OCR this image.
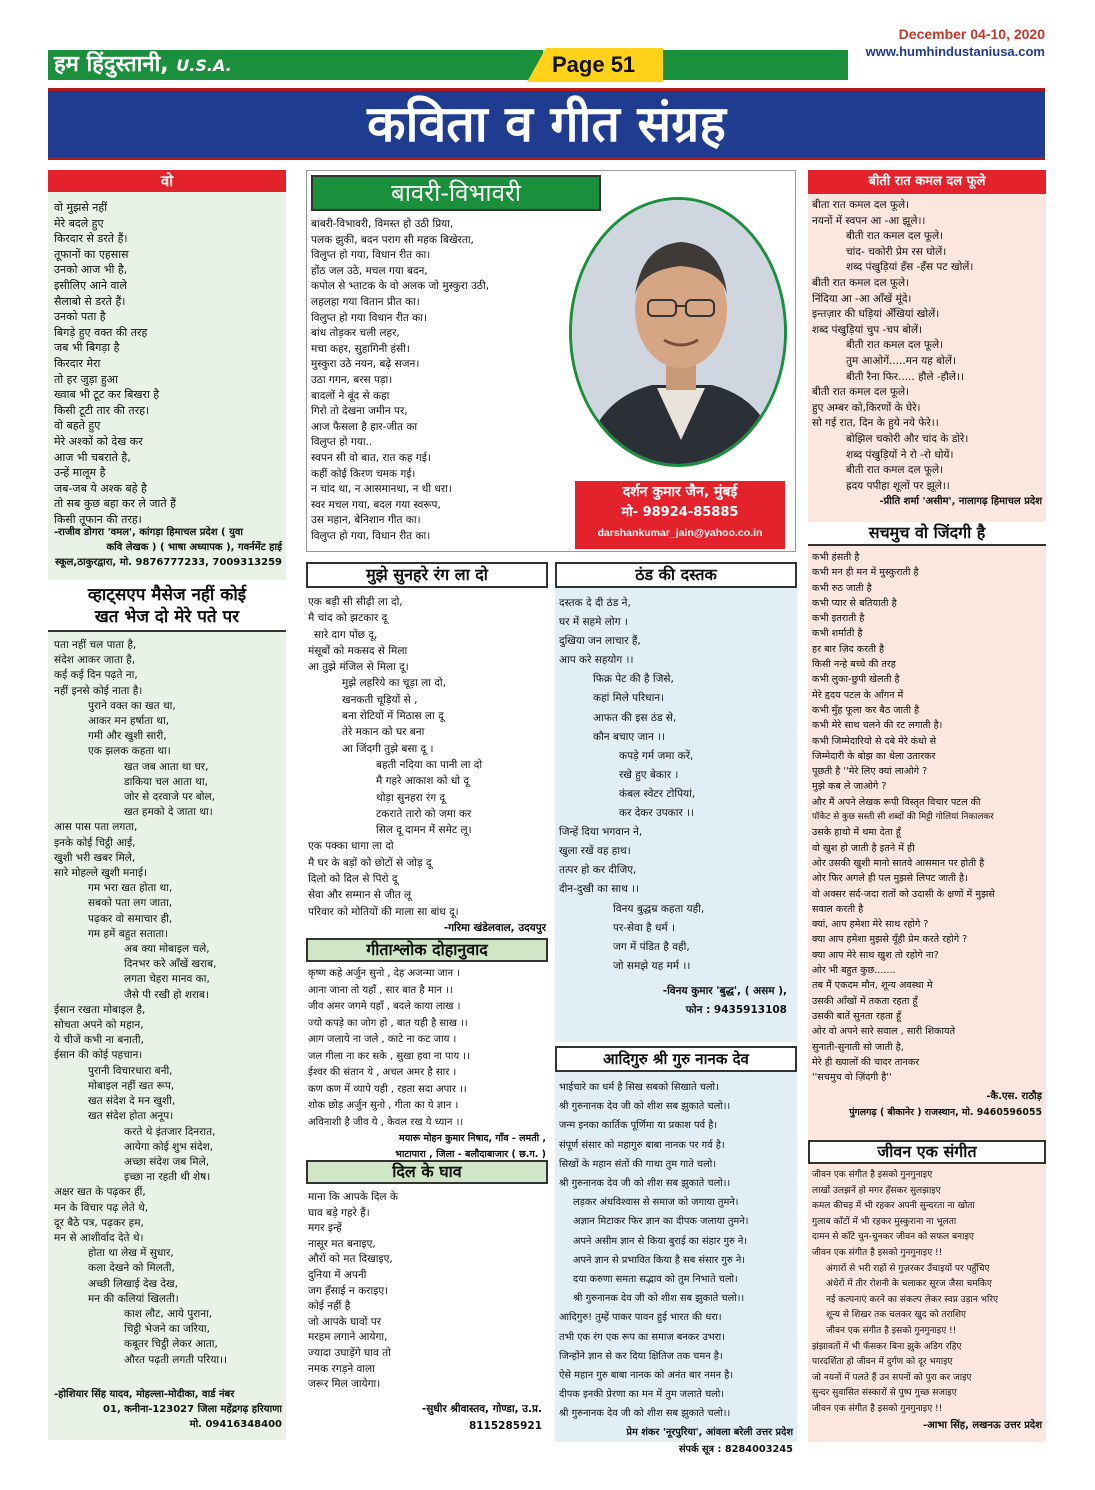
हम हिंदुस्तानी, U.S.A.	Page 51
December 04-10, 2020
www.humhindustaniusa.com
कविता व गीत संग्रह
वो
वो मुझसे नहीं
मेरे बदले हुए
किरदार से डरते हैं।
तूफानों का एहसास
उनको आज भी है,
इसीलिए आने वाले
सैलाबो से डरते हैं।
उनको पता है
बिगड़े हुए वक्त की तरह
जब भी बिगड़ा है
किरदार मेरा
तो हर जुड़ा हुआ
ख्वाब भी टूट कर बिखरा है
किसी टूटी तार की तरह।
वो बहते हुए
मेरे अश्कों को देख कर
आज भी चबराते है,
उन्हें मालूम है
जब-जब ये अश्क बहे है
तो सब कुछ बहा कर ले जाते हैं
किसी तूफान की तरह।
-राजीव डोगरा 'वमल', कांगड़ा हिमाचल प्रदेश ( युवा
कवि लेखक ) ( भाषा अध्यापक ), गवर्नमेंट हाई
स्कूल,ठाकुरद्वारा, मो. 9876777233, 7009313259
व्हाट्सएप मैसेज नहीं कोई
खत भेज दो मेरे पते पर
पता नहीं चल पाता है,
संदेश आकर जाता है,
कई कई दिन पढ़ते ना,
नहीं इनसे कोई नाता है।
पुराने वक्त का खत था,
आकर मन हर्षाता था,
गमी और खुशी सारी,
एक झलक कहता था।
खत जब आता था घर,
डाकिया चल आता था,
जोर से दरवाजे पर बोल,
खत हमको दे जाता था।
आस पास पता लगता,
इनके कोई चिट्ठी आई,
खुशी भरी खबर मिले,
सारे मोहल्ले खुशी मनाई।
गम भरा खत होता था,
सबको पता लग जाता,
पढ़कर वो समाचार ही,
गम हमें बहुत सताता।
अब क्या मोबाइल चले,
दिनभर करे आँखें खराब,
लगता चेहरा मानव का,
जैसे पी रखी हो शराब।
ईसान रखता मोबाइल है,
सोचता अपने को महान,
ये चीजें कभी ना बनाती,
ईसान की कोई पहचान।
पुरानी विचारधारा बनी,
मोबाइल नहीं खत रूप,
खत संदेश दे मन खुशी,
खत संदेश होता अनूप।
करते थे इंतजार दिनरात,
आयेगा कोई शुभ संदेश,
अच्छा संदेश जब मिले,
इच्छा ना रहती थी शेष।
अक्षर खत के पढ़कर हीं,
मन के विचार पढ़ लेते थे,
दूर बैठे पत्र, पढ़कर हम,
मन से आशीर्वाद देते थे।
होता था लेख में सुधार,
कला देखने को मिलती,
अच्छी लिखाई देख देख,
मन की कलियां खिलती।
काश लौट, आये पुराना,
चिट्ठी भेजने का जरिया,
कबूतर चिट्ठी लेकर आता,
औरत पढ़ती लगती परिया।।
-होशियार सिंह यादव, मोहल्ला-मोदीका, वार्ड नंबर
01, कनीना-123027 जिला महेंद्रगढ़ हरियाणा
मो. 09416348400
बावरी-विभावरी
बाबरी-विभावरी, विमस्त हो उठी प्रिया,
पलक झुकी, बदन पराग सी महक बिखेरता,
विलुप्त हो गया, विधान रीत का।
होंठ जल उठे, मचल गया बदन,
कपोल से भ्ताटक के वो अलक जो मुस्कुरा उठी,
लहलहा गया वितान प्रीत का।
विलुप्त हो गया विधान रीत का।
बांध तोड़कर चली लहर,
मचा कहर, सुहागिनी हंसी।
मुस्कुरा उठे नयन, बढ़े सजन।
उठा गगन, बरस पड़ा।
बादलों ने बूंद से कहा
गिरो तो देखना जमीन पर,
आज फैसला है हार-जीत का
विलुप्त हो गया..
स्वपन सी वो बात, रात कह गई।
कहीं कोई किरण चमक गई।
न चांद था, न आसमानथा, न थी धरा।
स्वर मचल गया, बदल गया स्वरूप,
उस महान, बेनिशान गीत का।
विलुप्त हो गया, विधान रीत का।
दर्शन कुमार जैन, मुंबई
मो- 98924-85885
darshankumar_jain@yahoo.co.in
मुझे सुनहरे रंग ला दो
एक बड़ी सी सीढ़ी ला दो,
मै चांद को झटकार दू
सारे दाग पोंछ दू,
मंसूबों को मकसद से मिला
आ तुझे मंजिल से मिला दू।
मुझे लहरिये का चूड़ा ला दो,
खनकती चूड़ियों से ,
बना रोटियों में मिठास ला दू
तेरे मकान को घर बना
आ जिंदगी तुझे बसा दू ।
बहती नदिया का पानी ला दो
मै गहरे आकाश को धो दू
थोड़ा सुनहरा रंग दू
टकराते तारो को जमा कर
सिल दू दामन में समेट लू।
एक पक्का धागा ला दो
मै घर के बड़ों को छोटों से जोड़ दू
दिलो को दिल से पिरो दू
सेवा और सम्मान से जीत लू
परिवार को मोतियों की माला सा बांध दू।
-गरिमा खंडेलवाल, उदयपुर
गीताश्लोक दोहानुवाद
कृष्ण कहे अर्जुन सुनो , देह अजन्मा जान ।
आना जाना तो यहाँ , सार बात है मान ।।
जीव अमर जगमे यहाँ , बदले काया लाख ।
ज्यो कपड़े का जोग हो , बात यही है साख ।।
आग जलाये ना जले , काटे ना कट जाय ।
जल गीला ना कर सके , सुखा हवा ना पाय ।।
ईश्वर की संतान ये , अचल अमर है सार ।
कण कण में व्यापे यही , रहता सदा अपार ।।
शोक छोड़ अर्जुन सुनो , गीता का ये ज्ञान ।
अविनाशी है जीव ये , केवल रख ये ध्यान ।।
मयारू मोहन कुमार निषाद, गाँव - लमती ,
भाटापारा , जिला - बलौदाबाजार ( छ.ग. )
दिल के घाव
माना कि आपके दिल के
घाव बड़े गहरे हैं।
मगर इन्हें
नासूर मत बनाइए,
औरों को मत दिखाइए,
दुनिया में अपनी
जग हँसाई न कराइए।
कोई नहीं है
जो आपके घावों पर
मरहम लगाने आयेगा,
ज्यादा उघाड़ेंगे घाव तो
नमक रगड़ने वाला
जरूर मिल जायेगा।
-सुधीर श्रीवास्तव, गोण्डा, उ.प्र.
8115285921
ठंड की दस्तक
दस्तक दे दी ठंड ने,
घर में सहमे लोग ।
दुखिया जन लाचार हैं,
आप करे सहयोग ।।
फिक्र पेट की है जिसे,
कहां मिले परिधान।
आफत की इस ठंड से,
कौन बचाए जान ।।
कपड़े गर्म जमा करें,
रखे हुए बेकार ।
कंबल स्वेटर टोपियां,
कर देकर उपकार ।।
जिन्हें दिया भगवान ने,
खुला रखें वह हाथ।
तत्पर हो कर दीजिए,
दीन-दुखी का साथ ।।
विनय बुद्धम्र कहता यही,
पर-सेवा है धर्म ।
जग में पंडित है वही,
जो समझे यह मर्म ।।
-विनय कुमार 'बुद्ध', ( असम ),
फोन : 9435913108
आदिगुरु श्री गुरु नानक देव
भाईचारे का धर्म है सिख सबको सिखाते चलो।
श्री गुरुनानक देव जी को शीश सब झुकाते चलो।।
जन्म इनका कार्तिक पूर्णिमा या प्रकाश पर्व है।
संपूर्ण संसार को महागुरु बाबा नानक पर गर्व है।
सिखों के महान संतों की गाथा तुम गाते चलो।
श्री गुरुनानक देव जी को शीश सब झुकाते चलो।।
लड़कर अंधविश्वास से समाज को जगाया तुमने।
अज्ञान मिटाकर फिर ज्ञान का दीपक जलाया तुमने।
अपने असीम ज्ञान से किया बुराई का संहार गुरु ने।
अपने ज्ञान से प्रभावित किया है सब संसार गुरु ने।
दया करुणा समता सद्भाव को तुम निभाते चलो।
श्री गुरुनानक देव जी को शीश सब झुकाते चलो।।
आदिगुरु! तुम्हें पाकर पावन हुई भारत की धरा।
तभी एक रंग एक रूप का समाज बनकर उभरा।
जिन्होंने ज्ञान से कर दिया क्षितिज तक चमन है।
ऐसे महान गुरु बाबा नानक को अनंत बार नमन है।
दीपक इनकी प्रेरणा का मन में तुम जलाते चलो।
श्री गुरुनानक देव जी को शीश सब झुकाते चलो।।
प्रेम शंकर 'नूरपुरिया', आंवला बरेली उत्तर प्रदेश
संपर्क सूत्र : 8284003245
बीती रात कमल दल फूले
बीता रात कमल दल फूले।
नयनों में स्वपन आ -आ झूले।।
बीती रात कमल दल फूले।
चांद- चकोरी प्रेम रस घोलें।
शब्द पंखुड़ियां हँस -हँस पट खोलें।
बीती रात कमल दल फूले।
निंदिया आ -आ आँखें मूंदे।
इन्तज़ार की घड़ियां अँखियां खोलें।
शब्द पंखुड़ियां चुप -चप बोलें।
बीती रात कमल दल फूले।
तुम आओगें.....मन यह बोलें।
बीती रैना फिर..... हौले -हौले।।
बीती रात कमल दल फूले।
हुए अम्बर को,किरणों के घेरे।
सो गई रात, दिन के हुये नये फेरे।।
बोझिल चकोरी और चांद के डोरे।
शब्द पंखुड़ियों ने रो -रो धोयें।
बीती रात कमल दल फूले।
ह्रदय पपीहा शूलों पर झूले।।
-प्रीति शर्मा 'असीम', नालागढ़ हिमाचल प्रदेश
सचमुच वो जिंदगी है
कभी हंसती है
कभी मन ही मन में मुस्कुराती है
कभी रुठ जाती है
कभी प्यार से बतियाती है
कभी इतराती है
कभी शर्माती है
हर बार ज़िद करती है
किसी नन्हे बच्चे की तरह
कभी लुका-छुपी खेलती है
मेरे हृदय पटल के आँगन में
कभी मुँह फूला कर बैठ जाती है
कभी मेरे साथ चलने की रट लगाती है।
कभी जिम्मेदारियो से दबे मेरे कंधो से
जिम्मेदारी के बोझ का थेला उतारकर
पूछती है ''मेरे लिए क्यां लाओगे ?
मुझे कब ले जाओगे ?
और मैं अपने लेखक रूपी विस्तृत विचार पटल की
पॉकेट से कुछ सस्ती सी शब्दों की मिट्टी गोलियां निकालकर
उसके हाथो में थमा देता हूँ
वो खुश हो जाती है इतने में ही
ओर उसकी खुशी मानो सातवे आसमान पर होती है
ओर फिर अगले ही पल मुझसे लिपट जाती है।
वो अक्सर सर्द-जदा रातों को उदासी के क्षणों में मुझसे
सवाल करती है
क्यां, आप हमेशा मेरे साथ रहोगे ?
क्या आप हमेशा मुझसे यूँही प्रेम करते रहोगे ?
क्या आप मेरे साथ खुश तो रहोगे ना?
ओर भी बहुत कुछ.......
तब मैं एकदम मौन, शून्य अवस्था मे
उसकी आँखों में तकता रहता हूँ
उसकी बातें सुनता रहता हूँ
ओर वो अपने सारे सवाल , सारी शिकायते
सुनाती-सुनाती सो जाती है,
मेरे ही ख्यालों की चादर तानकर
''सचमुच वो ज़िंदगी है''
-कै.एस. राठौड़
पुंगलगढ़ ( बीकानेर ) राजस्थान, मो. 9460596055
जीवन एक संगीत
जीवन एक संगीत है इसको गुनगुनाइए
लाखों उलझनें हो मगर हँसकर सुलझाइए
कमल कीचड़ में भी रहकर अपनी सुन्दरता ना खोता
गुलाब काँटों में भी रहकर मुस्कुराना ना भूलता
दामन से काँटे चुन-चुनकर जीवन को सफल बनाइए
जीवन एक संगीत है इसको गुनगुनाइए !!
अंगारों से भरी राहों से गुज़रकर उँचाइयों पर पहुँचिए
अंधेरों में तीर रोशनी के चलाकर सूरज जैसा चमकिए
नई कल्पनाएं करने का संकल्प लेकर स्वप्न उड़ान भरिए
शून्य से शिखर तक चलकर खुद को तराशिए
जीवन एक संगीत है इसको गुनगुनाइए !!
झंझावतों में भी फँसकर बिना झुके अडिग रहिए
पारदर्शिता हो जीवन में दुर्गण को दूर भगाइए
जो नयनों में पलते हैं उन सपनों को पुरा कर जाइए
सुन्दर सुवासित संस्कारों से पुष्प गुच्छ सजाइए
जीवन एक संगीत है इसको गुनगुनाइए !!
-आभा सिंह, लखनऊ उत्तर प्रदेश
